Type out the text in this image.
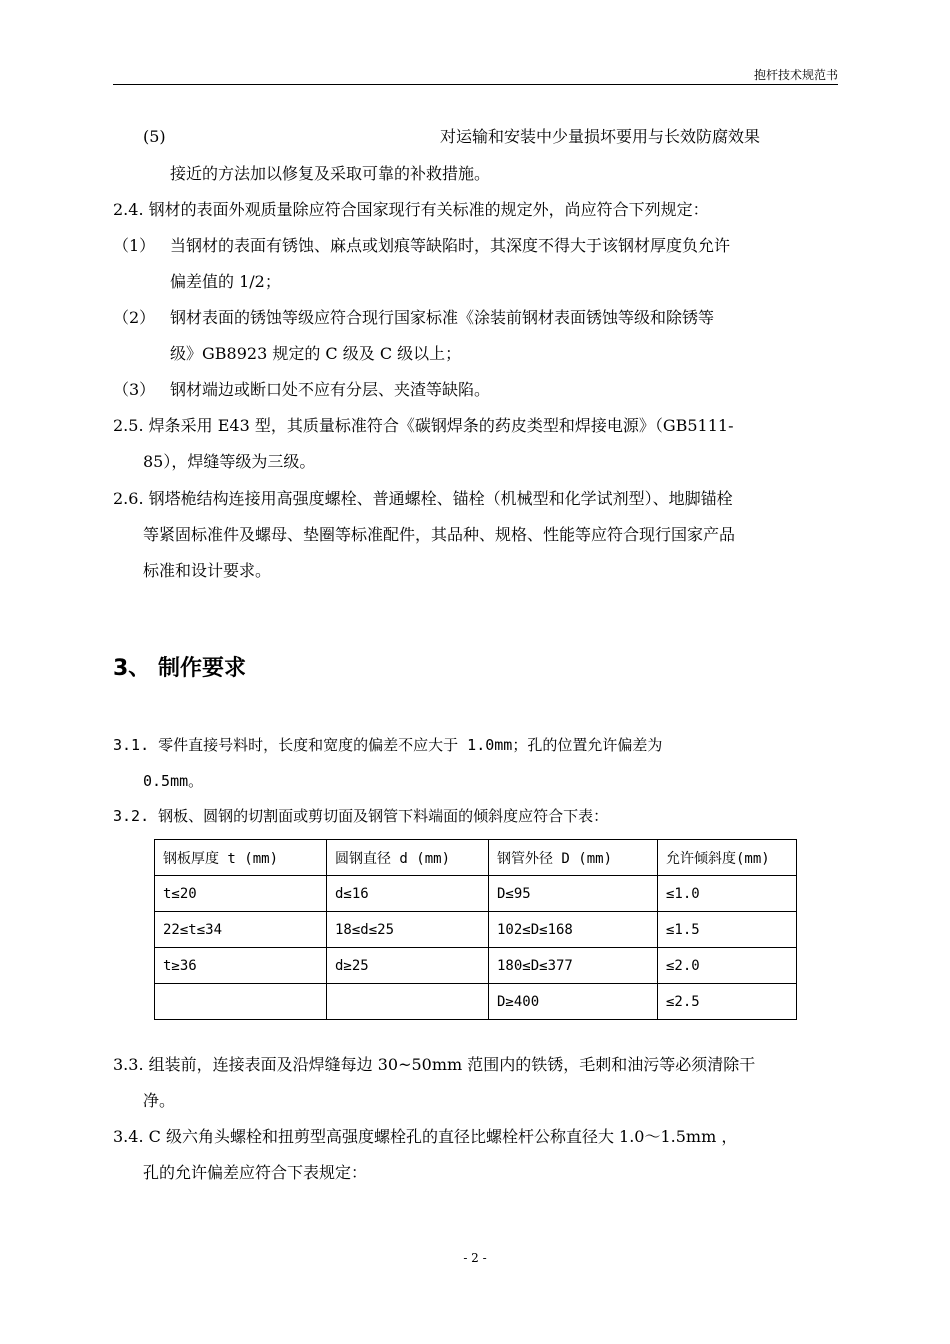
抱杆技术规范书
(5)	对运输和安装中少量损坏要用与长效防腐效果
接近的方法加以修复及采取可靠的补救措施。
2.4. 钢材的表面外观质量除应符合国家现行有关标准的规定外，尚应符合下列规定：
（1） 当钢材的表面有锈蚀、麻点或划痕等缺陷时，其深度不得大于该钢材厚度负允许
偏差值的 1/2；
（2） 钢材表面的锈蚀等级应符合现行国家标准《涂装前钢材表面锈蚀等级和除锈等
级》GB8923 规定的 C 级及 C 级以上；
（3） 钢材端边或断口处不应有分层、夹渣等缺陷。
2.5. 焊条采用 E43 型，其质量标准符合《碳钢焊条的药皮类型和焊接电源》（GB5111-
85），焊缝等级为三级。
2.6. 钢塔桅结构连接用高强度螺栓、普通螺栓、锚栓（机械型和化学试剂型）、地脚锚栓
等紧固标准件及螺母、垫圈等标准配件，其品种、规格、性能等应符合现行国家产品
标准和设计要求。
3、 制作要求
3.1. 零件直接号料时，长度和宽度的偏差不应大于 1.0mm；孔的位置允许偏差为
0.5mm。
3.2. 钢板、圆钢的切割面或剪切面及钢管下料端面的倾斜度应符合下表：
钢板厚度 t (mm)	圆钢直径 d (mm)	钢管外径 D (mm)	允许倾斜度(mm)
t≤20	d≤16	D≤95	≤1.0
22≤t≤34	18≤d≤25	102≤D≤168	≤1.5
t≥36	d≥25	180≤D≤377	≤2.0
		D≥400	≤2.5
3.3. 组装前，连接表面及沿焊缝每边 30~50mm 范围内的铁锈，毛刺和油污等必须清除干
净。
3.4. C 级六角头螺栓和扭剪型高强度螺栓孔的直径比螺栓杆公称直径大 1.0～1.5mm ，
孔的允许偏差应符合下表规定：
- 2 -
